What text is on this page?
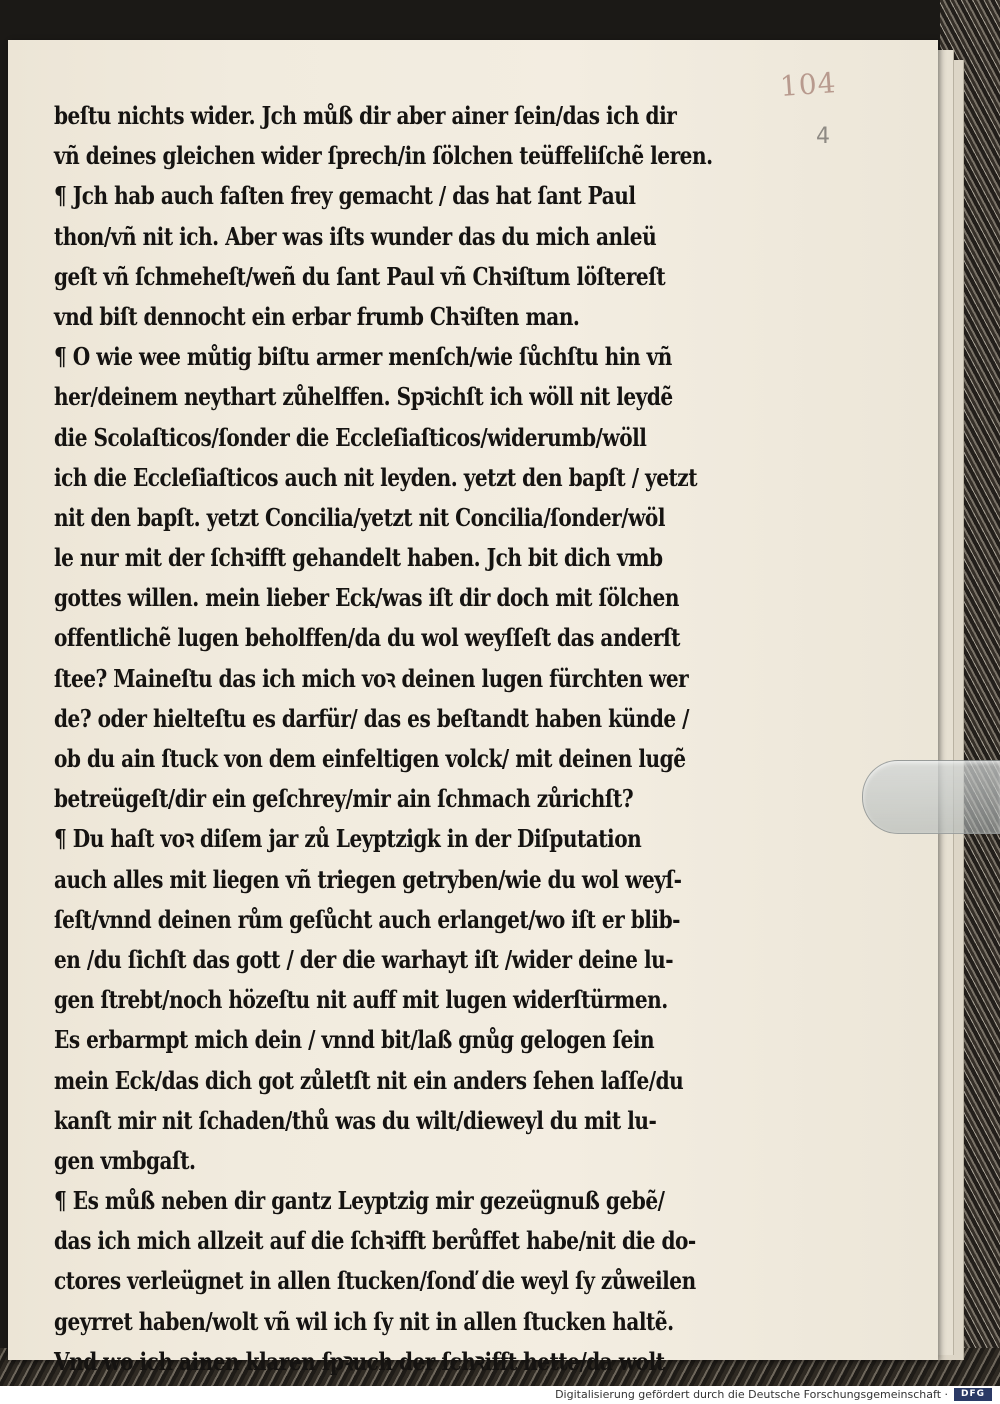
104
4
beſtu nichts wider. Jch můß dir aber ainer ſein/das ich dir
vñ deines gleichen wider ſprech/in ſölchen teüffeliſchẽ leren.
¶ Jch hab auch faſten frey gemacht / das hat ſant Paul
thon/vñ nit ich. Aber was iſts wunder das du mich anleü
geſt vñ ſchmeheſt/weñ du ſant Paul vñ Chꝛiſtum löſtereſt
vnd biſt dennocht ein erbar frumb Chꝛiſten man.
¶ O wie wee můtig biſtu armer menſch/wie ſůchſtu hin vñ
her/deinem neythart zůhelffen. Spꝛichſt ich wöll nit leydẽ
die Scolaſticos/ſonder die Eccleſiaſticos/widerumb/wöll
ich die Eccleſiaſticos auch nit leyden. yetzt den bapſt / yetzt
nit den bapſt. yetzt Concilia/yetzt nit Concilia/ſonder/wöl
le nur mit der ſchꝛifft gehandelt haben. Jch bit dich vmb
gottes willen. mein lieber Eck/was iſt dir doch mit ſölchen
offentlichẽ lugen beholffen/da du wol weyſſeſt das anderſt
ſtee? Maineſtu das ich mich voꝛ deinen lugen fürchten wer
de? oder hielteſtu es darfür/ das es beſtandt haben künde /
ob du ain ſtuck von dem einfeltigen volck/ mit deinen lugẽ
betreügeſt/dir ein geſchrey/mir ain ſchmach zůrichſt?
¶ Du haſt voꝛ diſem jar zů Leyptzigk in der Diſputation
auch alles mit liegen vñ triegen getryben/wie du wol weyſ-
ſeſt/vnnd deinen rům geſůcht auch erlanget/wo iſt er blib-
en /du ſichſt das gott / der die warhayt iſt /wider deine lu-
gen ſtrebt/noch hözeſtu nit auff mit lugen widerſtürmen.
Es erbarmpt mich dein / vnnd bit/laß gnůg gelogen ſein
mein Eck/das dich got zůletſt nit ein anders ſehen laſſe/du
kanſt mir nit ſchaden/thů was du wilt/dieweyl du mit lu-
gen vmbgaſt.
¶ Es můß neben dir gantz Leyptzig mir gezeügnuß gebẽ/
das ich mich allzeit auf die ſchꝛifft berůffet habe/nit die do-
ctores verleügnet in allen ſtucken/ſonď die weyl ſy zůweilen
geyrret haben/wolt vñ wil ich ſy nit in allen ſtucken haltẽ.
Vnd wo ich ainen klaren ſpꝛuch der ſchꝛifft hette/da wolt
Digitalisierung gefördert durch die Deutsche Forschungsgemeinschaft ·	DFG
